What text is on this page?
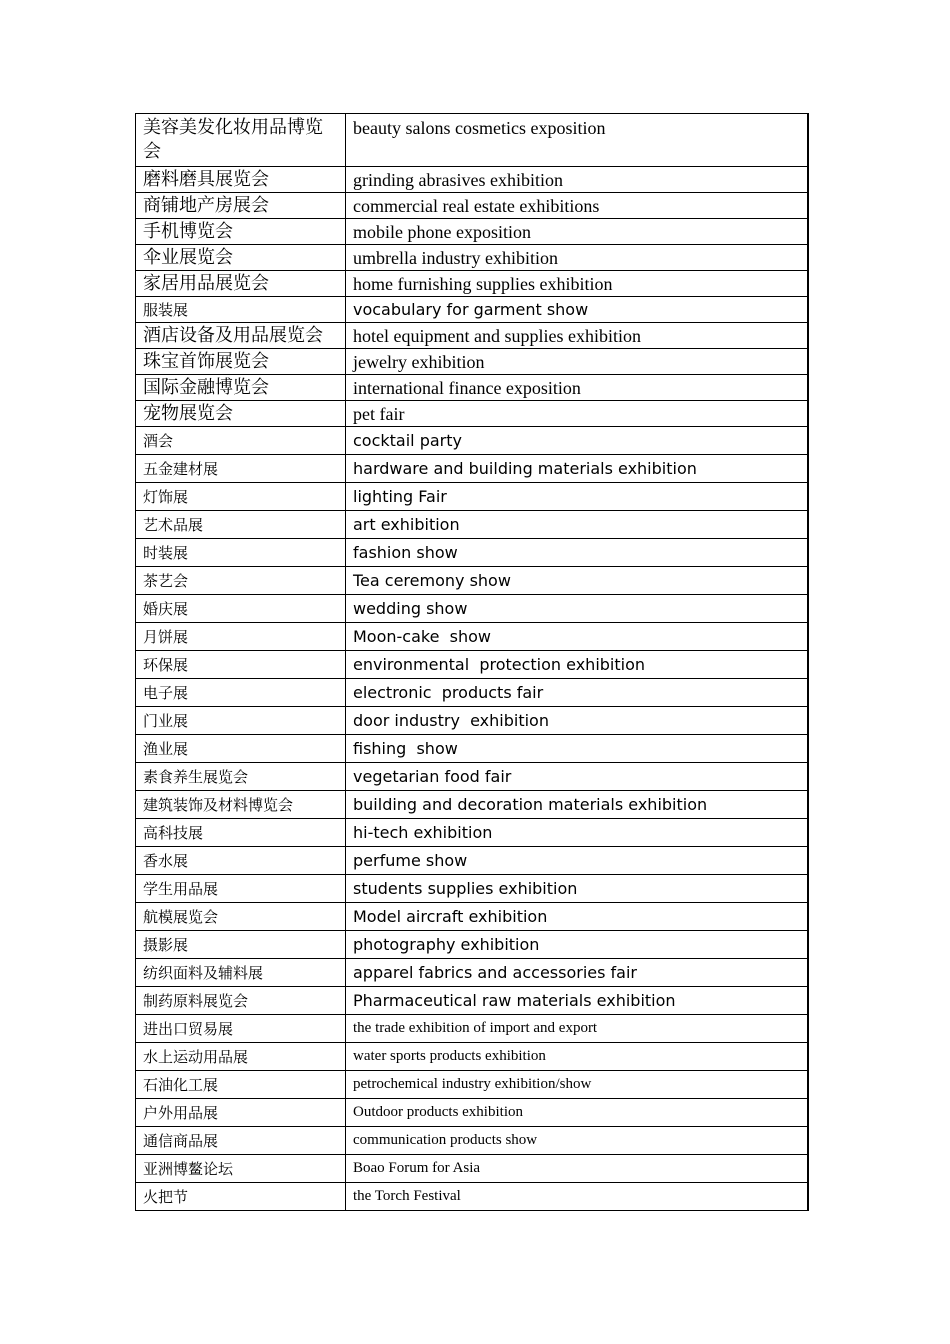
美容美发化妆用品博览会	beauty salons cosmetics exposition
磨料磨具展览会	grinding abrasives exhibition
商铺地产房展会	commercial real estate exhibitions
手机博览会	mobile phone exposition
伞业展览会	umbrella industry exhibition
家居用品展览会	home furnishing supplies exhibition
服装展	vocabulary for garment show
酒店设备及用品展览会	hotel equipment and supplies exhibition
珠宝首饰展览会	jewelry exhibition
国际金融博览会	international finance exposition
宠物展览会	pet fair
酒会	cocktail party
五金建材展	hardware and building materials exhibition
灯饰展	lighting Fair
艺术品展	art exhibition
时装展	fashion show
茶艺会	Tea ceremony show
婚庆展	wedding show
月饼展	Moon-cake  show
环保展	environmental  protection exhibition
电子展	electronic  products fair
门业展	door industry  exhibition
渔业展	fishing  show
素食养生展览会	vegetarian food fair
建筑装饰及材料博览会	building and decoration materials exhibition
高科技展	hi-tech exhibition
香水展	perfume show
学生用品展	students supplies exhibition
航模展览会	Model aircraft exhibition
摄影展	photography exhibition
纺织面料及辅料展	apparel fabrics and accessories fair
制药原料展览会	Pharmaceutical raw materials exhibition
进出口贸易展	the trade exhibition of import and export
水上运动用品展	water sports products exhibition
石油化工展	petrochemical industry exhibition/show
户外用品展	Outdoor products exhibition
通信商品展	communication products show
亚洲博鳌论坛	Boao Forum for Asia
火把节	the Torch Festival
